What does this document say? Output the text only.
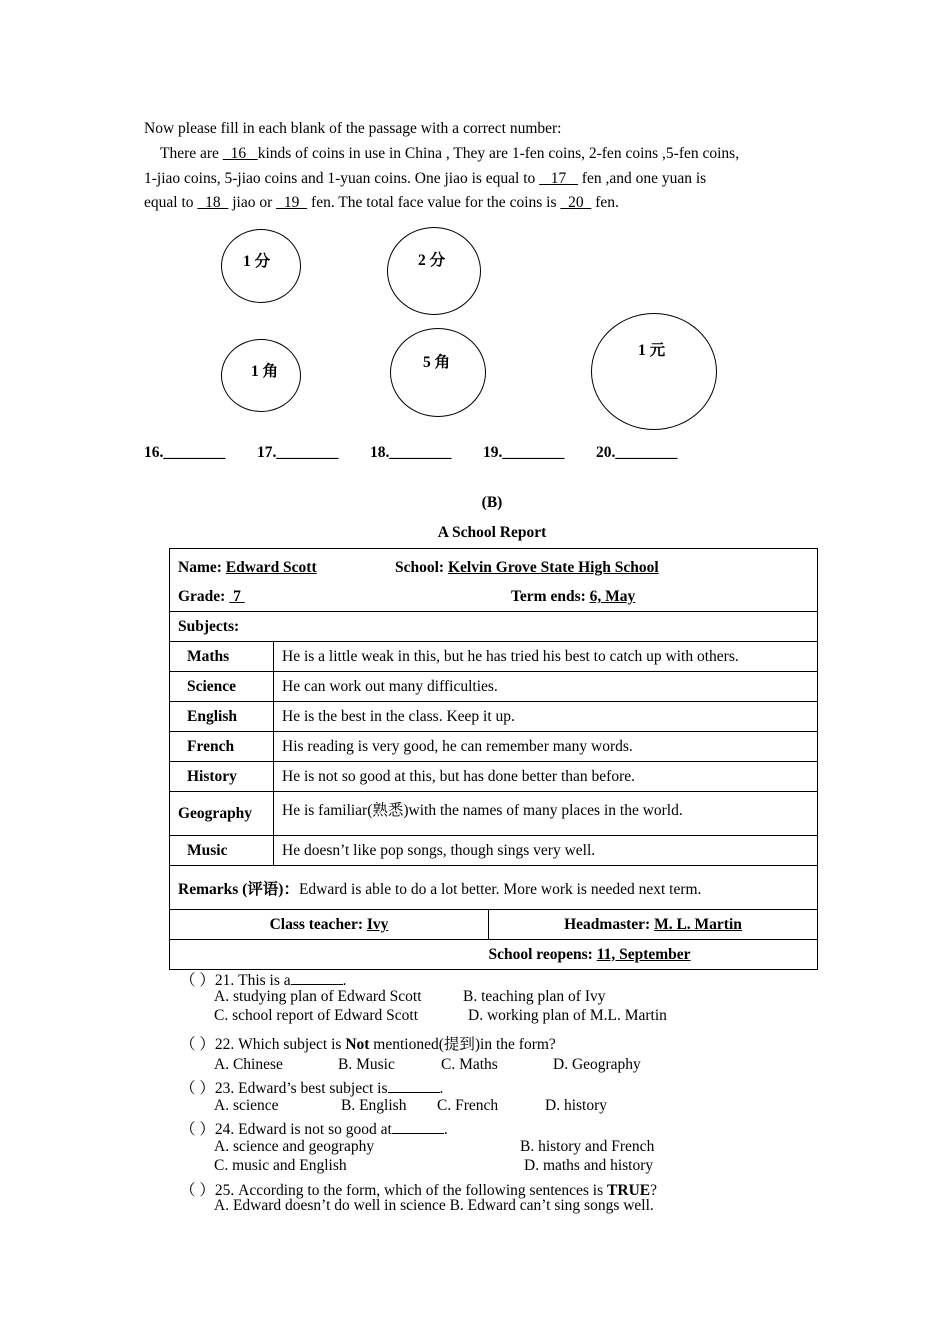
Now please fill in each blank of the passage with a correct number:
There are   16 kinds of coins in use in China , They are 1-fen coins, 2-fen coins ,5-fen coins,
1-jiao coins, 5-jiao coins and 1-yuan coins. One jiao is equal to    17    fen ,and one yuan is
equal to   18   jiao or   19   fen. The total face value for the coins is   20   fen.
1 分	2 分
1 角
5 角
1 元
16.________ 17.________ 18.________ 19.________ 20.________
(B)
A School Report
Name: Edward Scott School: Kelvin Grove State High School
Grade:  7 Term ends: 6, May		

Subjects:		
Maths	He is a little weak in this, but he has tried his best to catch up with others.	
Science	He can work out many difficulties.	
English	He is the best in the class. Keep it up.	
French	His reading is very good, he can remember many words.	
History	He is not so good at this, but has done better than before.	
Geography	He is familiar(熟悉)with the names of many places in the world.	
Music	He doesn’t like pop songs, though sings very well.	
Remarks (评语)：Edward is able to do a lot better. More work is needed next term.		
Class teacher: Ivy		Headmaster: M. L. Martin
School reopens: 11, September		
（ ）21. This is a	.
A. studying plan of Edward Scott	B. teaching plan of Ivy
C. school report of Edward Scott	D. working plan of M.L. Martin
（ ）22. Which subject is Not mentioned(提到)in the form?
A. Chinese	B. Music	C. Maths	D. Geography
（ ）23. Edward’s best subject is	.
A. science	B. English C. French	D. history
（ ）24. Edward is not so good at	.
A. science and geography	B. history and French
C. music and English	D. maths and history
（ ）25. According to the form, which of the following sentences is TRUE?
A. Edward doesn’t do well in science B. Edward can’t sing songs well.
